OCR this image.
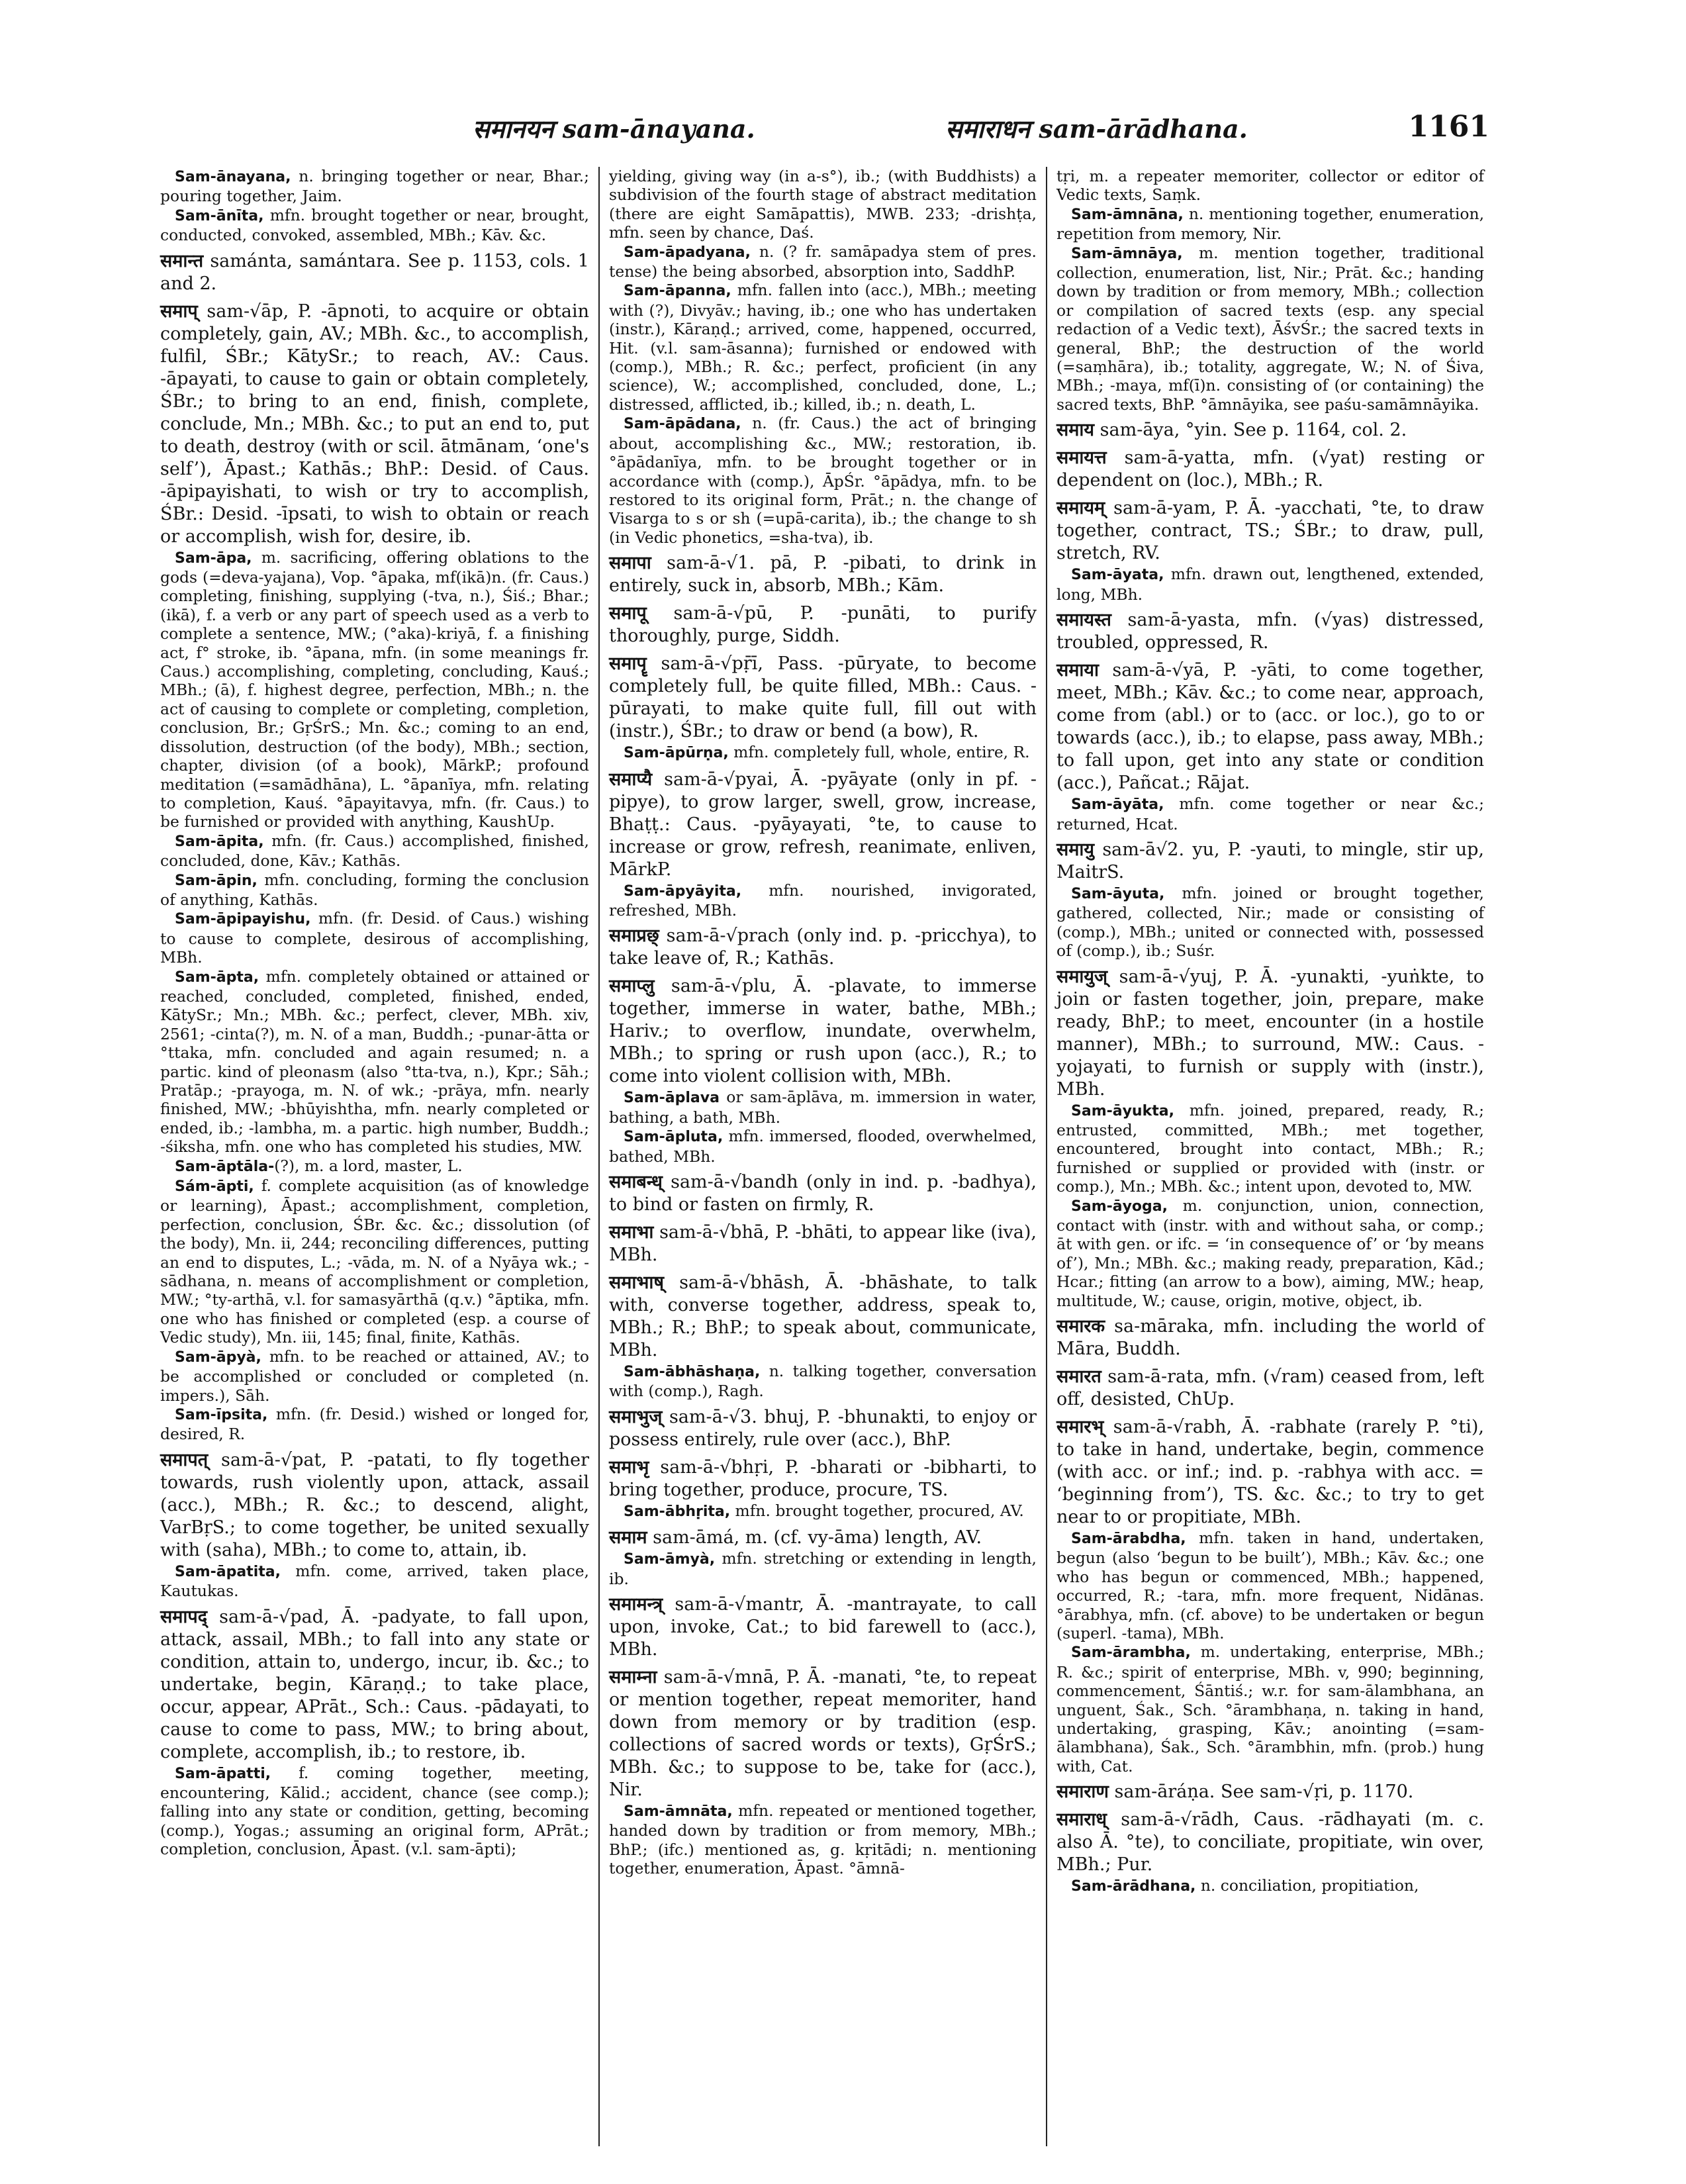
समानयन sam-ānayana.	समाराधन sam-ārādhana.	1161

Sam-ānayana, n. bringing together or near, Bhar.; pouring together, Jaim.

Sam-ānīta, mfn. brought together or near, brought, conducted, convoked, assembled, MBh.; Kāv. &c.

समान्त samánta, samántara. See p. 1153, cols. 1 and 2.

समाप् sam-√āp, P. -āpnoti, to acquire or obtain completely, gain, AV.; MBh. &c., to accomplish, fulfil, ŚBr.; KātySr.; to reach, AV.: Caus. -āpayati, to cause to gain or obtain completely, ŚBr.; to bring to an end, finish, complete, conclude, Mn.; MBh. &c.; to put an end to, put to death, destroy (with or scil. ātmānam, ‘one's self’), Āpast.; Kathās.; BhP.: Desid. of Caus. -āpipayishati, to wish or try to accomplish, ŚBr.: Desid. -īpsati, to wish to obtain or reach or accomplish, wish for, desire, ib.

Sam-āpa, m. sacrificing, offering oblations to the gods (=deva-yajana), Vop. °āpaka, mf(ikā)n. (fr. Caus.) completing, finishing, supplying (-tva, n.), Śiś.; Bhar.; (ikā), f. a verb or any part of speech used as a verb to complete a sentence, MW.; (°aka)-kriyā, f. a finishing act, f° stroke, ib. °āpana, mfn. (in some meanings fr. Caus.) accomplishing, completing, concluding, Kauś.; MBh.; (ā), f. highest degree, perfection, MBh.; n. the act of causing to complete or completing, completion, conclusion, Br.; GṛŚrS.; Mn. &c.; coming to an end, dissolution, destruction (of the body), MBh.; section, chapter, division (of a book), MārkP.; profound meditation (=samādhāna), L. °āpanīya, mfn. relating to completion, Kauś. °āpayitavya, mfn. (fr. Caus.) to be furnished or provided with anything, KaushUp.

Sam-āpita, mfn. (fr. Caus.) accomplished, finished, concluded, done, Kāv.; Kathās.

Sam-āpin, mfn. concluding, forming the conclusion of anything, Kathās.

Sam-āpipayishu, mfn. (fr. Desid. of Caus.) wishing to cause to complete, desirous of accomplishing, MBh.

Sam-āpta, mfn. completely obtained or attained or reached, concluded, completed, finished, ended, KātySr.; Mn.; MBh. &c.; perfect, clever, MBh. xiv, 2561; -cinta(?), m. N. of a man, Buddh.; -punar-ātta or °ttaka, mfn. concluded and again resumed; n. a partic. kind of pleonasm (also °tta-tva, n.), Kpr.; Sāh.; Pratāp.; -prayoga, m. N. of wk.; -prāya, mfn. nearly finished, MW.; -bhūyishtha, mfn. nearly completed or ended, ib.; -lambha, m. a partic. high number, Buddh.; -śiksha, mfn. one who has completed his studies, MW.

Sam-āptāla-(?), m. a lord, master, L.

Sám-āpti, f. complete acquisition (as of knowledge or learning), Āpast.; accomplishment, completion, perfection, conclusion, ŚBr. &c. &c.; dissolution (of the body), Mn. ii, 244; reconciling differences, putting an end to disputes, L.; -vāda, m. N. of a Nyāya wk.; -sādhana, n. means of accomplishment or completion, MW.; °ty-arthā, v.l. for samasyārthā (q.v.) °āptika, mfn. one who has finished or completed (esp. a course of Vedic study), Mn. iii, 145; final, finite, Kathās.

Sam-āpyà, mfn. to be reached or attained, AV.; to be accomplished or concluded or completed (n. impers.), Sāh.

Sam-īpsita, mfn. (fr. Desid.) wished or longed for, desired, R.

समापत् sam-ā-√pat, P. -patati, to fly together towards, rush violently upon, attack, assail (acc.), MBh.; R. &c.; to descend, alight, VarBṛS.; to come together, be united sexually with (saha), MBh.; to come to, attain, ib.

Sam-āpatita, mfn. come, arrived, taken place, Kautukas.

समापद् sam-ā-√pad, Ā. -padyate, to fall upon, attack, assail, MBh.; to fall into any state or condition, attain to, undergo, incur, ib. &c.; to undertake, begin, Kāraṇḍ.; to take place, occur, appear, APrāt., Sch.: Caus. -pādayati, to cause to come to pass, MW.; to bring about, complete, accomplish, ib.; to restore, ib.

Sam-āpatti, f. coming together, meeting, encountering, Kālid.; accident, chance (see comp.); falling into any state or condition, getting, becoming (comp.), Yogas.; assuming an original form, APrāt.; completion, conclusion, Āpast. (v.l. sam-āpti);

yielding, giving way (in a-s°), ib.; (with Buddhists) a subdivision of the fourth stage of abstract meditation (there are eight Samāpattis), MWB. 233; -drishṭa, mfn. seen by chance, Daś.

Sam-āpadyana, n. (? fr. samāpadya stem of pres. tense) the being absorbed, absorption into, SaddhP.

Sam-āpanna, mfn. fallen into (acc.), MBh.; meeting with (?), Divyāv.; having, ib.; one who has undertaken (instr.), Kāraṇḍ.; arrived, come, happened, occurred, Hit. (v.l. sam-āsanna); furnished or endowed with (comp.), MBh.; R. &c.; perfect, proficient (in any science), W.; accomplished, concluded, done, L.; distressed, afflicted, ib.; killed, ib.; n. death, L.

Sam-āpādana, n. (fr. Caus.) the act of bringing about, accomplishing &c., MW.; restoration, ib. °āpādanīya, mfn. to be brought together or in accordance with (comp.), ĀpŚr. °āpādya, mfn. to be restored to its original form, Prāt.; n. the change of Visarga to s or sh (=upā-carita), ib.; the change to sh (in Vedic phonetics, =sha-tva), ib.

समापा sam-ā-√1. pā, P. -pibati, to drink in entirely, suck in, absorb, MBh.; Kām.

समापू sam-ā-√pū, P. -punāti, to purify thoroughly, purge, Siddh.

समापॄ sam-ā-√pṝī, Pass. -pūryate, to become completely full, be quite filled, MBh.: Caus. -pūrayati, to make quite full, fill out with (instr.), ŚBr.; to draw or bend (a bow), R.

Sam-āpūrṇa, mfn. completely full, whole, entire, R.

समाप्यै sam-ā-√pyai, Ā. -pyāyate (only in pf. -pipye), to grow larger, swell, grow, increase, Bhaṭṭ.: Caus. -pyāyayati, °te, to cause to increase or grow, refresh, reanimate, enliven, MārkP.

Sam-āpyāyita, mfn. nourished, invigorated, refreshed, MBh.

समाप्रछ् sam-ā-√prach (only ind. p. -pricchya), to take leave of, R.; Kathās.

समाप्लु sam-ā-√plu, Ā. -plavate, to immerse together, immerse in water, bathe, MBh.; Hariv.; to overflow, inundate, overwhelm, MBh.; to spring or rush upon (acc.), R.; to come into violent collision with, MBh.

Sam-āplava or sam-āplāva, m. immersion in water, bathing, a bath, MBh.

Sam-āpluta, mfn. immersed, flooded, overwhelmed, bathed, MBh.

समाबन्ध् sam-ā-√bandh (only in ind. p. -badhya), to bind or fasten on firmly, R.

समाभा sam-ā-√bhā, P. -bhāti, to appear like (iva), MBh.

समाभाष् sam-ā-√bhāsh, Ā. -bhāshate, to talk with, converse together, address, speak to, MBh.; R.; BhP.; to speak about, communicate, MBh.

Sam-ābhāshaṇa, n. talking together, conversation with (comp.), Ragh.

समाभुज् sam-ā-√3. bhuj, P. -bhunakti, to enjoy or possess entirely, rule over (acc.), BhP.

समाभृ sam-ā-√bhṛi, P. -bharati or -bibharti, to bring together, produce, procure, TS.

Sam-ābhṛita, mfn. brought together, procured, AV.

समाम sam-āmá, m. (cf. vy-āma) length, AV.

Sam-āmyà, mfn. stretching or extending in length, ib.

समामन्त्र् sam-ā-√mantr, Ā. -mantrayate, to call upon, invoke, Cat.; to bid farewell to (acc.), MBh.

समाम्ना sam-ā-√mnā, P. Ā. -manati, °te, to repeat or mention together, repeat memoriter, hand down from memory or by tradition (esp. collections of sacred words or texts), GṛŚrS.; MBh. &c.; to suppose to be, take for (acc.), Nir.

Sam-āmnāta, mfn. repeated or mentioned together, handed down by tradition or from memory, MBh.; BhP.; (ifc.) mentioned as, g. kṛitādi; n. mentioning together, enumeration, Āpast. °āmnā-

tṛi, m. a repeater memoriter, collector or editor of Vedic texts, Saṃk.

Sam-āmnāna, n. mentioning together, enumeration, repetition from memory, Nir.

Sam-āmnāya, m. mention together, traditional collection, enumeration, list, Nir.; Prāt. &c.; handing down by tradition or from memory, MBh.; collection or compilation of sacred texts (esp. any special redaction of a Vedic text), ĀśvŚr.; the sacred texts in general, BhP.; the destruction of the world (=saṃhāra), ib.; totality, aggregate, W.; N. of Śiva, MBh.; -maya, mf(ī)n. consisting of (or containing) the sacred texts, BhP. °āmnāyika, see paśu-samāmnāyika.

समाय sam-āya, °yin. See p. 1164, col. 2.

समायत्त sam-ā-yatta, mfn. (√yat) resting or dependent on (loc.), MBh.; R.

समायम् sam-ā-yam, P. Ā. -yacchati, °te, to draw together, contract, TS.; ŚBr.; to draw, pull, stretch, RV.

Sam-āyata, mfn. drawn out, lengthened, extended, long, MBh.

समायस्त sam-ā-yasta, mfn. (√yas) distressed, troubled, oppressed, R.

समाया sam-ā-√yā, P. -yāti, to come together, meet, MBh.; Kāv. &c.; to come near, approach, come from (abl.) or to (acc. or loc.), go to or towards (acc.), ib.; to elapse, pass away, MBh.; to fall upon, get into any state or condition (acc.), Pañcat.; Rājat.

Sam-āyāta, mfn. come together or near &c.; returned, Hcat.

समायु sam-ā√2. yu, P. -yauti, to mingle, stir up, MaitrS.

Sam-āyuta, mfn. joined or brought together, gathered, collected, Nir.; made or consisting of (comp.), MBh.; united or connected with, possessed of (comp.), ib.; Suśr.

समायुज् sam-ā-√yuj, P. Ā. -yunakti, -yuṅkte, to join or fasten together, join, prepare, make ready, BhP.; to meet, encounter (in a hostile manner), MBh.; to surround, MW.: Caus. -yojayati, to furnish or supply with (instr.), MBh.

Sam-āyukta, mfn. joined, prepared, ready, R.; entrusted, committed, MBh.; met together, encountered, brought into contact, MBh.; R.; furnished or supplied or provided with (instr. or comp.), Mn.; MBh. &c.; intent upon, devoted to, MW.

Sam-āyoga, m. conjunction, union, connection, contact with (instr. with and without saha, or comp.; āt with gen. or ifc. = ‘in consequence of’ or ‘by means of’), Mn.; MBh. &c.; making ready, preparation, Kād.; Hcar.; fitting (an arrow to a bow), aiming, MW.; heap, multitude, W.; cause, origin, motive, object, ib.

समारक sa-māraka, mfn. including the world of Māra, Buddh.

समारत sam-ā-rata, mfn. (√ram) ceased from, left off, desisted, ChUp.

समारभ् sam-ā-√rabh, Ā. -rabhate (rarely P. °ti), to take in hand, undertake, begin, commence (with acc. or inf.; ind. p. -rabhya with acc. = ‘beginning from’), TS. &c. &c.; to try to get near to or propitiate, MBh.

Sam-ārabdha, mfn. taken in hand, undertaken, begun (also ‘begun to be built’), MBh.; Kāv. &c.; one who has begun or commenced, MBh.; happened, occurred, R.; -tara, mfn. more frequent, Nidānas. °ārabhya, mfn. (cf. above) to be undertaken or begun (superl. -tama), MBh.

Sam-ārambha, m. undertaking, enterprise, MBh.; R. &c.; spirit of enterprise, MBh. v, 990; beginning, commencement, Śāntiś.; w.r. for sam-ālambhana, an unguent, Śak., Sch. °ārambhaṇa, n. taking in hand, undertaking, grasping, Kāv.; anointing (=sam-ālambhana), Śak., Sch. °ārambhin, mfn. (prob.) hung with, Cat.

समाराण sam-āráṇa. See sam-√ṛi, p. 1170.

समाराध् sam-ā-√rādh, Caus. -rādhayati (m. c. also Ā. °te), to conciliate, propitiate, win over, MBh.; Pur.

Sam-ārādhana, n. conciliation, propitiation,
